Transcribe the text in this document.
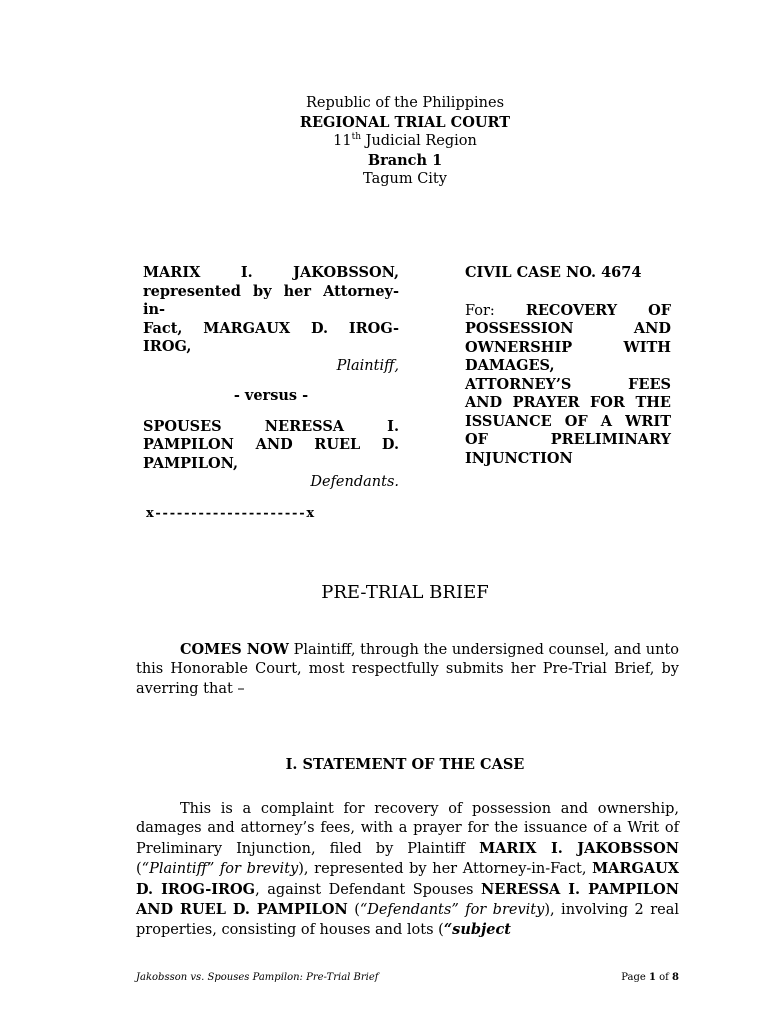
Republic of the Philippines
REGIONAL TRIAL COURT
11th Judicial Region
Branch 1
Tagum City
MARIX I. JAKOBSSON,
represented by her Attorney-in-
Fact, MARGAUX D. IROG-
IROG,
Plaintiff,
- versus -
SPOUSES NERESSA I.
PAMPILON AND RUEL D.
PAMPILON,
Defendants.
CIVIL CASE NO. 4674
For: RECOVERY OF
POSSESSION AND
OWNERSHIP WITH
DAMAGES,
ATTORNEY’S FEES
AND PRAYER FOR THE
ISSUANCE OF A WRIT
OF PRELIMINARY
INJUNCTION
x---------------------x
PRE-TRIAL BRIEF
COMES NOW Plaintiff, through the undersigned counsel, and unto this Honorable Court, most respectfully submits her Pre-Trial Brief, by averring that –
I. STATEMENT OF THE CASE
This is a complaint for recovery of possession and ownership, damages and attorney’s fees, with a prayer for the issuance of a Writ of Preliminary Injunction, filed by Plaintiff MARIX I. JAKOBSSON (“Plaintiff” for brevity), represented by her Attorney-in-Fact, MARGAUX D. IROG-IROG, against Defendant Spouses NERESSA I. PAMPILON AND RUEL D. PAMPILON (“Defendants” for brevity), involving 2 real properties, consisting of houses and lots (“subject
Jakobsson vs. Spouses Pampilon: Pre-Trial Brief	Page 1 of 8
